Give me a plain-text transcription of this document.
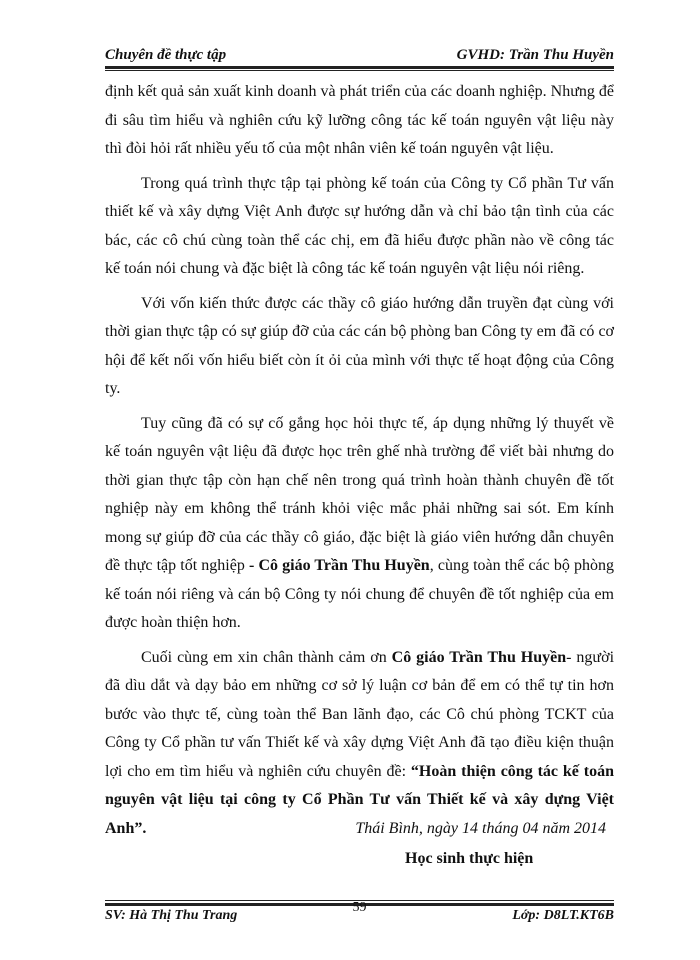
Chuyên đề thực tập	GVHD: Trần Thu Huyền

định kết quả sản xuất kinh doanh và phát triển của các doanh nghiệp. Nhưng để đi sâu tìm hiểu và nghiên cứu kỹ lưỡng công tác kế toán nguyên vật liệu này thì đòi hỏi rất nhiều yếu tố của một nhân viên kế toán nguyên vật liệu.

Trong quá trình thực tập tại phòng kế toán của Công ty Cổ phần Tư vấn thiết kế và xây dựng Việt Anh được sự hướng dẫn và chỉ bảo tận tình của các bác, các cô chú cùng toàn thể các chị, em đã hiểu được phần nào về công tác kế toán nói chung và đặc biệt là công tác kế toán nguyên vật liệu nói riêng.

Với vốn kiến thức được các thầy cô giáo hướng dẫn truyền đạt cùng với thời gian thực tập có sự giúp đỡ của các cán bộ phòng ban Công ty em đã có cơ hội để kết nối vốn hiểu biết còn ít ỏi của mình với thực tế hoạt động của Công ty.

Tuy cũng đã có sự cố gắng học hỏi thực tế, áp dụng những lý thuyết về kế toán nguyên vật liệu đã được học trên ghế nhà trường để viết bài nhưng do thời gian thực tập còn hạn chế nên trong quá trình hoàn thành chuyên đề tốt nghiệp này em không thể tránh khỏi việc mắc phải những sai sót. Em kính mong sự giúp đỡ của các thầy cô giáo, đặc biệt là giáo viên hướng dẫn chuyên đề thực tập tốt nghiệp - Cô giáo Trần Thu Huyền, cùng toàn thể các bộ phòng kế toán nói riêng và cán bộ Công ty nói chung để chuyên đề tốt nghiệp của em được hoàn thiện hơn.

Cuối cùng em xin chân thành cảm ơn Cô giáo Trần Thu Huyền- người đã dìu dắt và dạy bảo em những cơ sở lý luận cơ bản để em có thể tự tin hơn bước vào thực tế, cùng toàn thể Ban lãnh đạo, các Cô chú phòng TCKT của Công ty Cổ phần tư vấn Thiết kế và xây dựng Việt Anh đã tạo điều kiện thuận lợi cho em tìm hiểu và nghiên cứu chuyên đề: “Hoàn thiện công tác kế toán nguyên vật liệu tại công ty Cổ Phần Tư vấn Thiết kế và xây dựng Việt Anh”.	Thái Bình, ngày 14 tháng 04 năm 2014
Học sinh thực hiện
SV: Hà Thị Thu Trang
59
Lớp: D8LT.KT6B
